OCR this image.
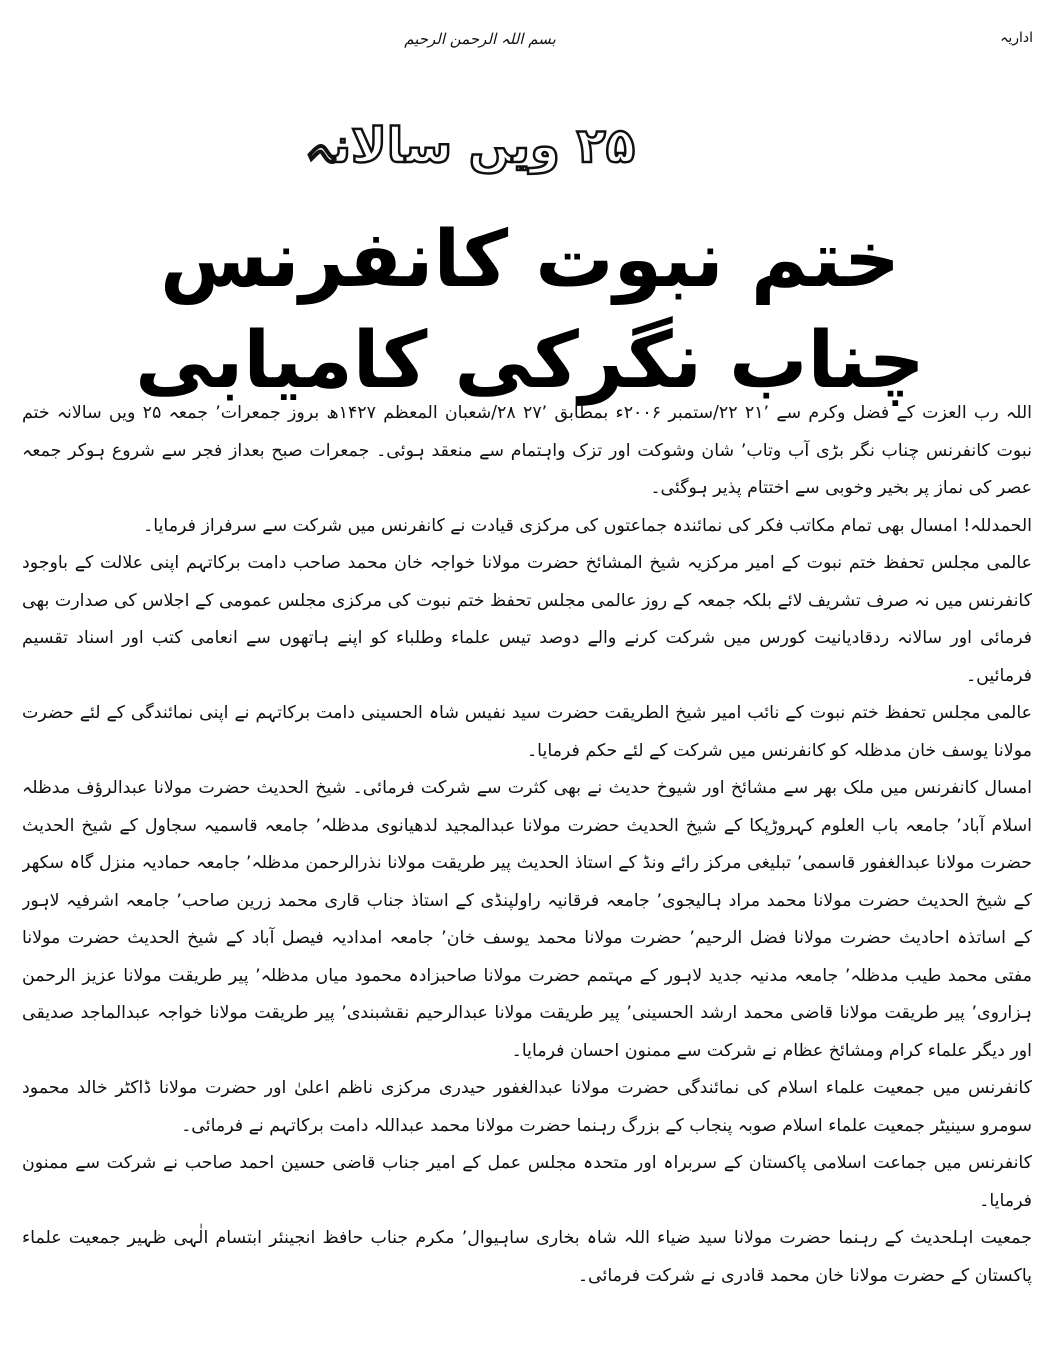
اداریہ
بسم اللہ الرحمن الرحیم
۲۵ ویں سالانہ
ختم نبوت کانفرنس چناب نگرکی کامیابی

اللہ رب العزت کے فضل وکرم سے ۲۱٬ ۲۲/ستمبر ۲۰۰۶ء بمطابق ۲۷٬ ۲۸/شعبان المعظم ۱۴۲۷ھ بروز جمعرات٬ جمعہ ۲۵ ویں سالانہ ختم نبوت کانفرنس چناب نگر بڑی آب وتاب٬ شان وشوکت اور تزک واہتمام سے منعقد ہوئی۔ جمعرات صبح بعداز فجر سے شروع ہوکر جمعہ عصر کی نماز پر بخیر وخوبی سے اختتام پذیر ہوگئی۔

الحمدللہ! امسال بھی تمام مکاتب فکر کی نمائندہ جماعتوں کی مرکزی قیادت نے کانفرنس میں شرکت سے سرفراز فرمایا۔

عالمی مجلس تحفظ ختم نبوت کے امیر مرکزیہ شیخ المشائخ حضرت مولانا خواجہ خان محمد صاحب دامت برکاتہم اپنی علالت کے باوجود کانفرنس میں نہ صرف تشریف لائے بلکہ جمعہ کے روز عالمی مجلس تحفظ ختم نبوت کی مرکزی مجلس عمومی کے اجلاس کی صدارت بھی فرمائی اور سالانہ ردقادیانیت کورس میں شرکت کرنے والے دوصد تیس علماء وطلباء کو اپنے ہاتھوں سے انعامی کتب اور اسناد تقسیم فرمائیں۔

عالمی مجلس تحفظ ختم نبوت کے نائب امیر شیخ الطریقت حضرت سید نفیس شاہ الحسینی دامت برکاتہم نے اپنی نمائندگی کے لئے حضرت مولانا یوسف خان مدظلہ کو کانفرنس میں شرکت کے لئے حکم فرمایا۔

امسال کانفرنس میں ملک بھر سے مشائخ اور شیوخ حدیث نے بھی کثرت سے شرکت فرمائی۔ شیخ الحدیث حضرت مولانا عبدالرؤف مدظلہ اسلام آباد٬ جامعہ باب العلوم کہروڑپکا کے شیخ الحدیث حضرت مولانا عبدالمجید لدھیانوی مدظلہ٬ جامعہ قاسمیہ سجاول کے شیخ الحدیث حضرت مولانا عبدالغفور قاسمی٬ تبلیغی مرکز رائے ونڈ کے استاذ الحدیث پیر طریقت مولانا نذرالرحمن مدظلہ٬ جامعہ حمادیہ منزل گاہ سکھر کے شیخ الحدیث حضرت مولانا محمد مراد ہالیجوی٬ جامعہ فرقانیہ راولپنڈی کے استاذ جناب قاری محمد زرین صاحب٬ جامعہ اشرفیہ لاہور کے اساتذہ احادیث حضرت مولانا فضل الرحیم٬ حضرت مولانا محمد یوسف خان٬ جامعہ امدادیہ فیصل آباد کے شیخ الحدیث حضرت مولانا مفتی محمد طیب مدظلہ٬ جامعہ مدنیہ جدید لاہور کے مہتمم حضرت مولانا صاحبزادہ محمود میاں مدظلہ٬ پیر طریقت مولانا عزیز الرحمن ہزاروی٬ پیر طریقت مولانا قاضی محمد ارشد الحسینی٬ پیر طریقت مولانا عبدالرحیم نقشبندی٬ پیر طریقت مولانا خواجہ عبدالماجد صدیقی اور دیگر علماء کرام ومشائخ عظام نے شرکت سے ممنون احسان فرمایا۔

کانفرنس میں جمعیت علماء اسلام کی نمائندگی حضرت مولانا عبدالغفور حیدری مرکزی ناظم اعلیٰ اور حضرت مولانا ڈاکٹر خالد محمود سومرو سینیٹر جمعیت علماء اسلام صوبہ پنجاب کے بزرگ رہنما حضرت مولانا محمد عبداللہ دامت برکاتہم نے فرمائی۔

کانفرنس میں جماعت اسلامی پاکستان کے سربراہ اور متحدہ مجلس عمل کے امیر جناب قاضی حسین احمد صاحب نے شرکت سے ممنون فرمایا۔

جمعیت اہلحدیث کے رہنما حضرت مولانا سید ضیاء اللہ شاہ بخاری ساہیوال٬ مکرم جناب حافظ انجینئر ابتسام الٰہی ظہیر جمعیت علماء پاکستان کے حضرت مولانا خان محمد قادری نے شرکت فرمائی۔
